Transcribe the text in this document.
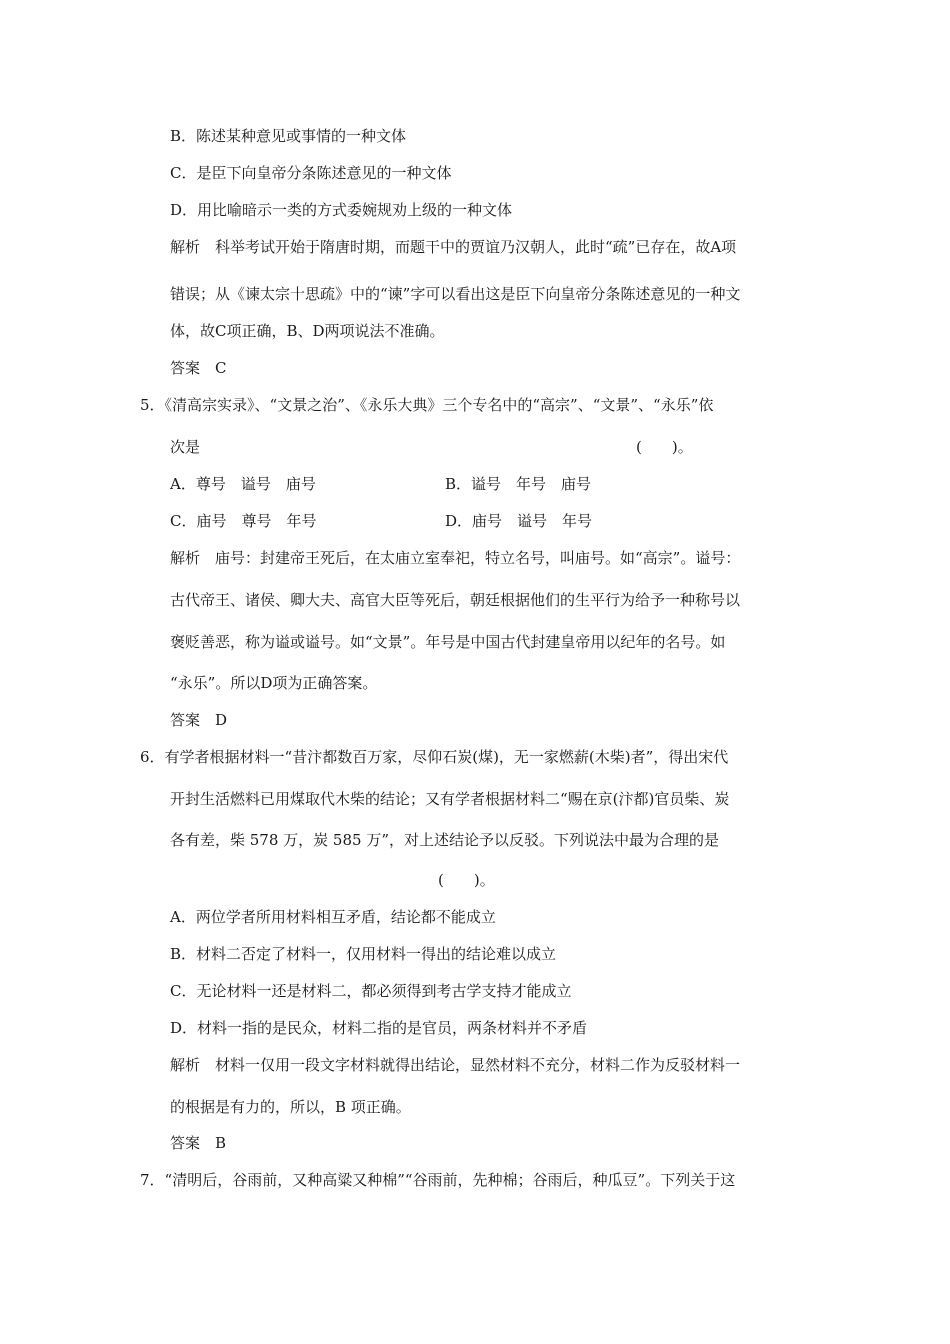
B．陈述某种意见或事情的一种文体
C．是臣下向皇帝分条陈述意见的一种文体
D．用比喻暗示一类的方式委婉规劝上级的一种文体
解析　科举考试开始于隋唐时期，而题干中的贾谊乃汉朝人，此时“疏”已存在，故A项
错误；从《谏太宗十思疏》中的“谏”字可以看出这是臣下向皇帝分条陈述意见的一种文
体，故C项正确，B、D两项说法不准确。
答案　C
5．《清高宗实录》、“文景之治”、《永乐大典》三个专名中的“高宗”、“文景”、“永乐”依
次是	(　　)。
A．尊号　谥号　庙号	B．谥号　年号　庙号
C．庙号　尊号　年号	D．庙号　谥号　年号
解析　庙号：封建帝王死后，在太庙立室奉祀，特立名号，叫庙号。如“高宗”。谥号：
古代帝王、诸侯、卿大夫、高官大臣等死后，朝廷根据他们的生平行为给予一种称号以
褒贬善恶，称为谥或谥号。如“文景”。年号是中国古代封建皇帝用以纪年的名号。如
“永乐”。所以D项为正确答案。
答案　D
6．有学者根据材料一“昔汴都数百万家，尽仰石炭(煤)，无一家燃薪(木柴)者”，得出宋代
开封生活燃料已用煤取代木柴的结论；又有学者根据材料二“赐在京(汴都)官员柴、炭
各有差，柴 578 万，炭 585 万”，对上述结论予以反驳。下列说法中最为合理的是
(　　)。
A．两位学者所用材料相互矛盾，结论都不能成立
B．材料二否定了材料一，仅用材料一得出的结论难以成立
C．无论材料一还是材料二，都必须得到考古学支持才能成立
D．材料一指的是民众，材料二指的是官员，两条材料并不矛盾
解析　材料一仅用一段文字材料就得出结论，显然材料不充分，材料二作为反驳材料一
的根据是有力的，所以，B 项正确。
答案　B
7．“清明后，谷雨前，又种高粱又种棉”“谷雨前，先种棉；谷雨后，种瓜豆”。下列关于这
